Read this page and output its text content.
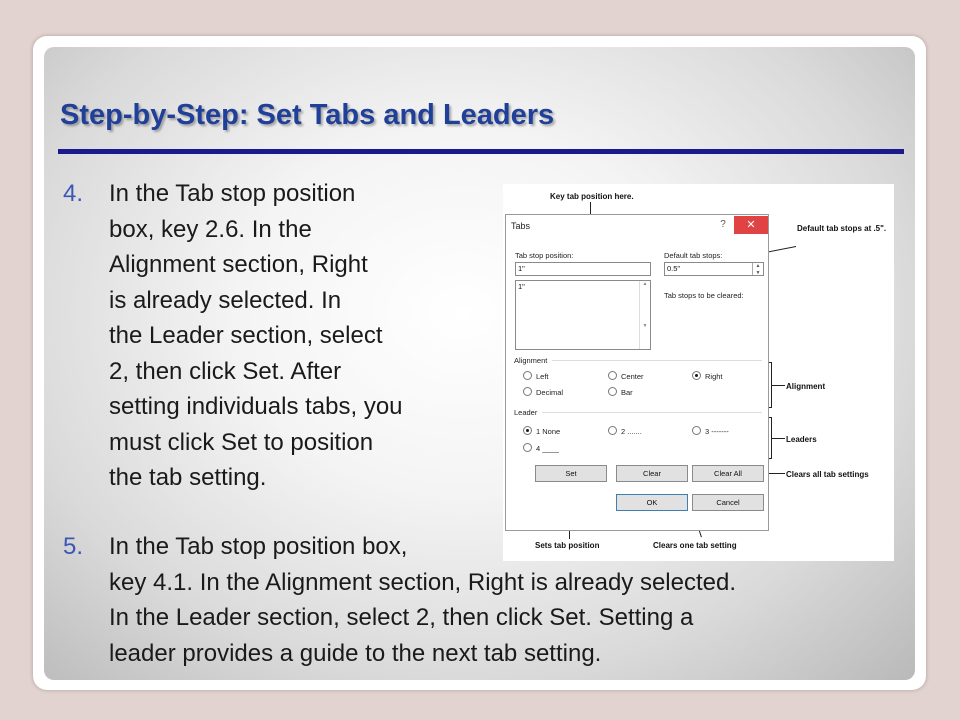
Step-by-Step: Set Tabs and Leaders
4. In the Tab stop position
box, key 2.6. In the
Alignment section, Right
is already selected. In
the Leader section, select
2, then click Set. After
setting individuals tabs, you
must click Set to position
the tab setting.
5. In the Tab stop position box,
key 4.1. In the Alignment section, Right is already selected.
In the Leader section, select 2, then click Set. Setting a
leader provides a guide to the next tab setting.
Key tab position here.
Default tab stops at .5".
Alignment
Leaders
Clears all tab settings
Sets tab position	Clears one tab setting
Tabs	?	✕
Tab stop position:
1"
1"	▲

▼
Default tab stops:
0.5"	▲
▼
Tab stops to be cleared:
Alignment
Left	Center	Right
Decimal	Bar
Leader
1 None	2 .......	3 -------
4 ____
Set	Clear	Clear All
OK	Cancel
